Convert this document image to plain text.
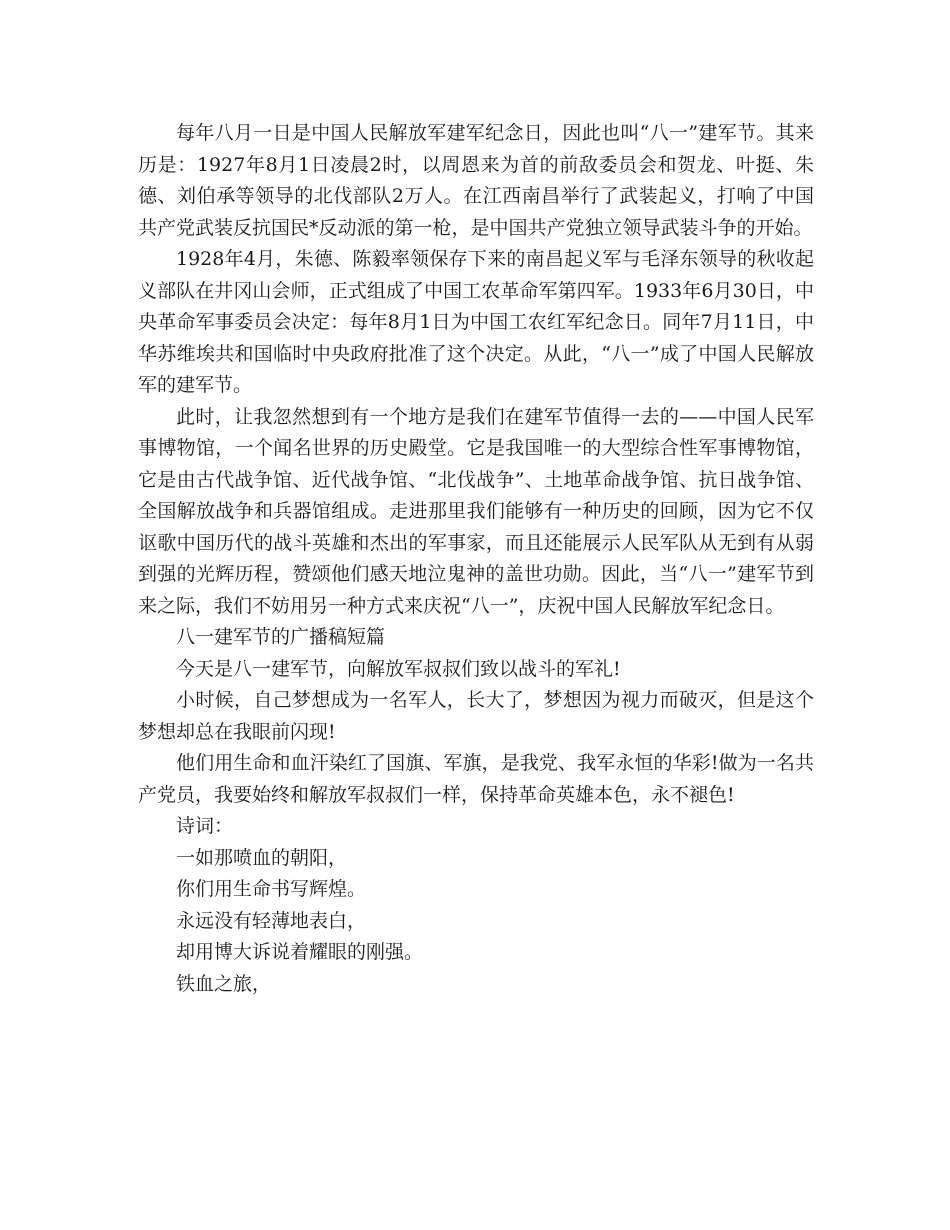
每年八月一日是中国人民解放军建军纪念日，因此也叫“八一”建军节。其来历是：1927年8月1日凌晨2时，以周恩来为首的前敌委员会和贺龙、叶挺、朱德、刘伯承等领导的北伐部队2万人。在江西南昌举行了武装起义，打响了中国共产党武装反抗国民*反动派的第一枪，是中国共产党独立领导武装斗争的开始。

1928年4月，朱德、陈毅率领保存下来的南昌起义军与毛泽东领导的秋收起义部队在井冈山会师，正式组成了中国工农革命军第四军。1933年6月30日，中央革命军事委员会决定：每年8月1日为中国工农红军纪念日。同年7月11日，中华苏维埃共和国临时中央政府批准了这个决定。从此，“八一”成了中国人民解放军的建军节。

此时，让我忽然想到有一个地方是我们在建军节值得一去的——中国人民军事博物馆，一个闻名世界的历史殿堂。它是我国唯一的大型综合性军事博物馆，它是由古代战争馆、近代战争馆、“北伐战争”、土地革命战争馆、抗日战争馆、全国解放战争和兵器馆组成。走进那里我们能够有一种历史的回顾，因为它不仅讴歌中国历代的战斗英雄和杰出的军事家，而且还能展示人民军队从无到有从弱到强的光辉历程，赞颂他们感天地泣鬼神的盖世功勋。因此，当“八一”建军节到来之际，我们不妨用另一种方式来庆祝“八一”，庆祝中国人民解放军纪念日。

八一建军节的广播稿短篇

今天是八一建军节，向解放军叔叔们致以战斗的军礼!

小时候，自己梦想成为一名军人，长大了，梦想因为视力而破灭，但是这个梦想却总在我眼前闪现!

他们用生命和血汗染红了国旗、军旗，是我党、我军永恒的华彩!做为一名共产党员，我要始终和解放军叔叔们一样，保持革命英雄本色，永不褪色!

诗词：

一如那喷血的朝阳，

你们用生命书写辉煌。

永远没有轻薄地表白，

却用博大诉说着耀眼的刚强。

铁血之旅，
